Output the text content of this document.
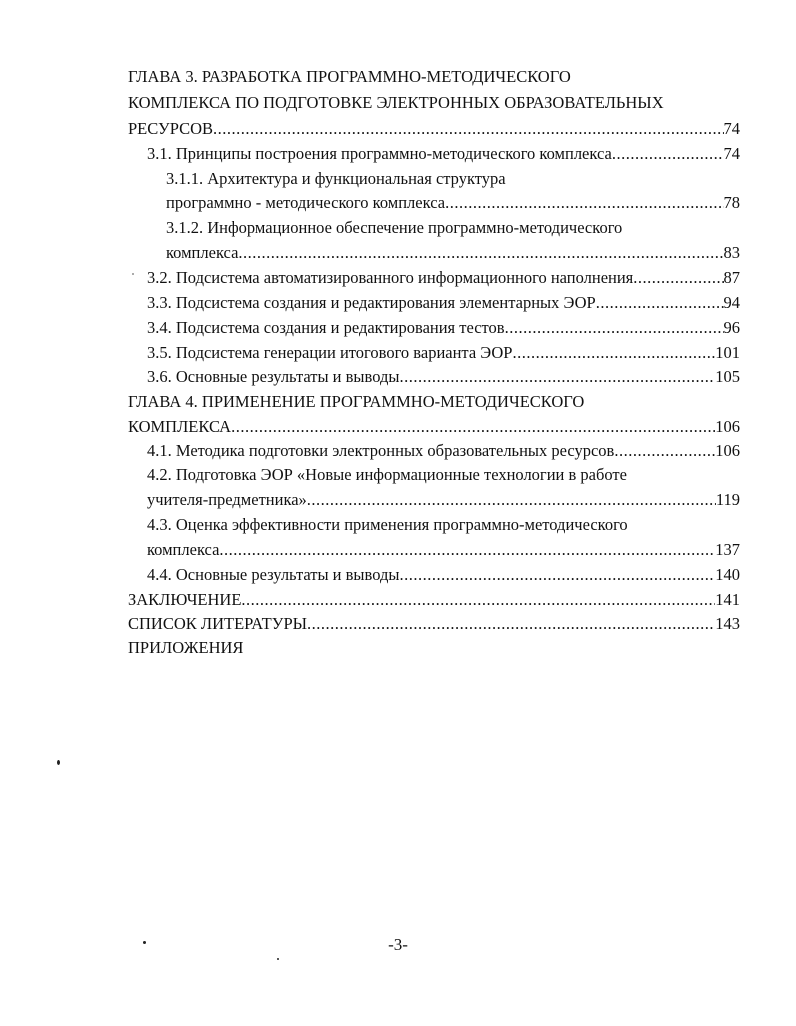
ГЛАВА 3. РАЗРАБОТКА ПРОГРАММНО-МЕТОДИЧЕСКОГО
КОМПЛЕКСА ПО ПОДГОТОВКЕ ЭЛЕКТРОННЫХ ОБРАЗОВАТЕЛЬНЫХ
РЕСУРСОВ .....	74
3.1. Принципы построения программно-методического комплекса .....	74
3.1.1. Архитектура и функциональная структура
программно - методического комплекса .....	78
3.1.2. Информационное обеспечение программно-методического
комплекса .....	83
3.2. Подсистема автоматизированного информационного наполнения .....	87
3.3. Подсистема создания и редактирования элементарных ЭОР .....	94
3.4. Подсистема создания и редактирования тестов .....	96
3.5. Подсистема генерации итогового варианта ЭОР .....	101
3.6. Основные результаты и выводы .....	105
ГЛАВА 4. ПРИМЕНЕНИЕ ПРОГРАММНО-МЕТОДИЧЕСКОГО
КОМПЛЕКСА .....	106
4.1. Методика подготовки электронных образовательных ресурсов .....	106
4.2. Подготовка ЭОР «Новые информационные технологии в работе
учителя-предметника» .....	119
4.3. Оценка эффективности применения программно-методического
комплекса .....	137
4.4. Основные результаты и выводы .....	140
ЗАКЛЮЧЕНИЕ .....	141
СПИСОК ЛИТЕРАТУРЫ .....	143
ПРИЛОЖЕНИЯ
-3-
